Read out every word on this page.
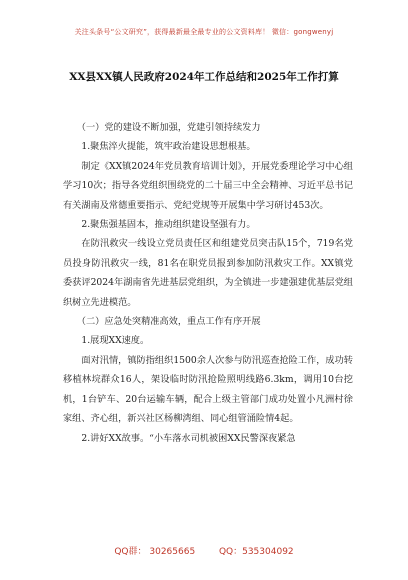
关注头条号“公文研究”，获得最新最全最专业的公文资料库！ 微信：gongwenyj
XX县XX镇人民政府2024年工作总结和2025年工作打算

（一）党的建设不断加强，党建引领持续发力

1.聚焦淬火提能，筑牢政治建设思想根基。

制定《XX镇2024年党员教育培训计划》，开展党委理论学习中心组学习10次；指导各党组织围绕党的二十届三中全会精神、习近平总书记有关湖南及常德重要指示、党纪党规等开展集中学习研讨453次。

2.聚焦强基固本，推动组织建设坚强有力。

在防汛救灾一线设立党员责任区和组建党员突击队15个，719名党员投身防汛救灾一线，81名在职党员报到参加防汛救灾工作。XX镇党委获评2024年湖南省先进基层党组织，为全镇进一步建强建优基层党组织树立先进模范。

（二）应急处突精准高效，重点工作有序开展

1.展现XX速度。

面对汛情，镇防指组织1500余人次参与防汛巡查抢险工作，成功转移植林垸群众16人，架设临时防汛抢险照明线路6.3km，调用10台挖机，1台铲车、20台运输车辆，配合上级主管部门成功处置小凡洲村徐家组、齐心组，新兴社区杨柳湾组、同心组管涌险情4起。

2.讲好XX故事。“小车落水司机被困XX民警深夜紧急

QQ群： 30265665	QQ：535304092
